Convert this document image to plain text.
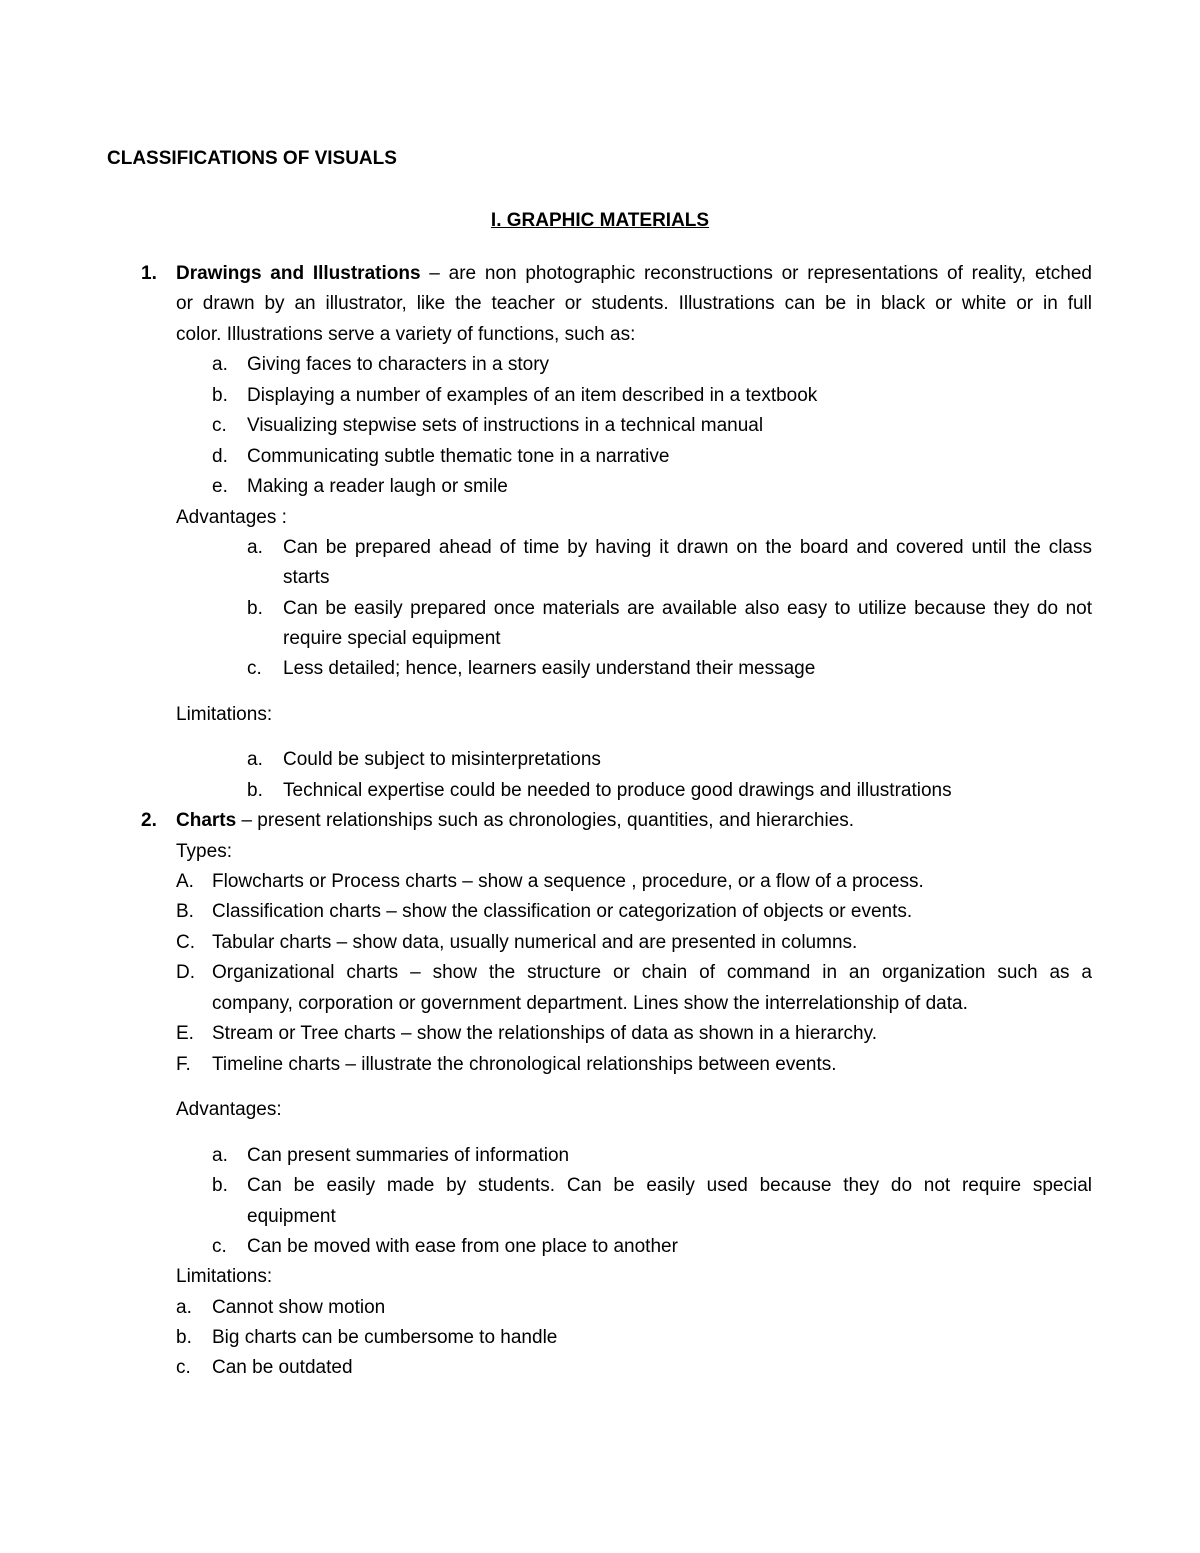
CLASSIFICATIONS OF VISUALS
I. GRAPHIC MATERIALS
1. Drawings and Illustrations – are non photographic reconstructions or representations of reality, etched
or drawn by an illustrator, like the teacher or students. Illustrations can be in black or white or in full
color. Illustrations serve a variety of functions, such as:
a. Giving faces to characters in a story
b. Displaying a number of examples of an item described in a textbook
c. Visualizing stepwise sets of instructions in a technical manual
d. Communicating subtle thematic tone in a narrative
e. Making a reader laugh or smile
Advantages :
a. Can be prepared ahead of time by having it drawn on the board and covered until the class
starts
b. Can be easily prepared once materials are available also easy to utilize because they do not
require special equipment
c. Less detailed; hence, learners easily understand their message
Limitations:
a. Could be subject to misinterpretations
b. Technical expertise could be needed to produce good drawings and illustrations
2. Charts – present relationships such as chronologies, quantities, and hierarchies.
Types:
A. Flowcharts or Process charts – show a sequence , procedure, or a flow of a process.
B. Classification charts – show the classification or categorization of objects or events.
C. Tabular charts – show data, usually numerical and are presented in columns.
D. Organizational charts – show the structure or chain of command in an organization such as a
company, corporation or government department. Lines show the interrelationship of data.
E. Stream or Tree charts – show the relationships of data as shown in a hierarchy.
F. Timeline charts – illustrate the chronological relationships between events.
Advantages:
a. Can present summaries of information
b. Can be easily made by students. Can be easily used because they do not require special
equipment
c. Can be moved with ease from one place to another
Limitations:
a. Cannot show motion
b. Big charts can be cumbersome to handle
c. Can be outdated
